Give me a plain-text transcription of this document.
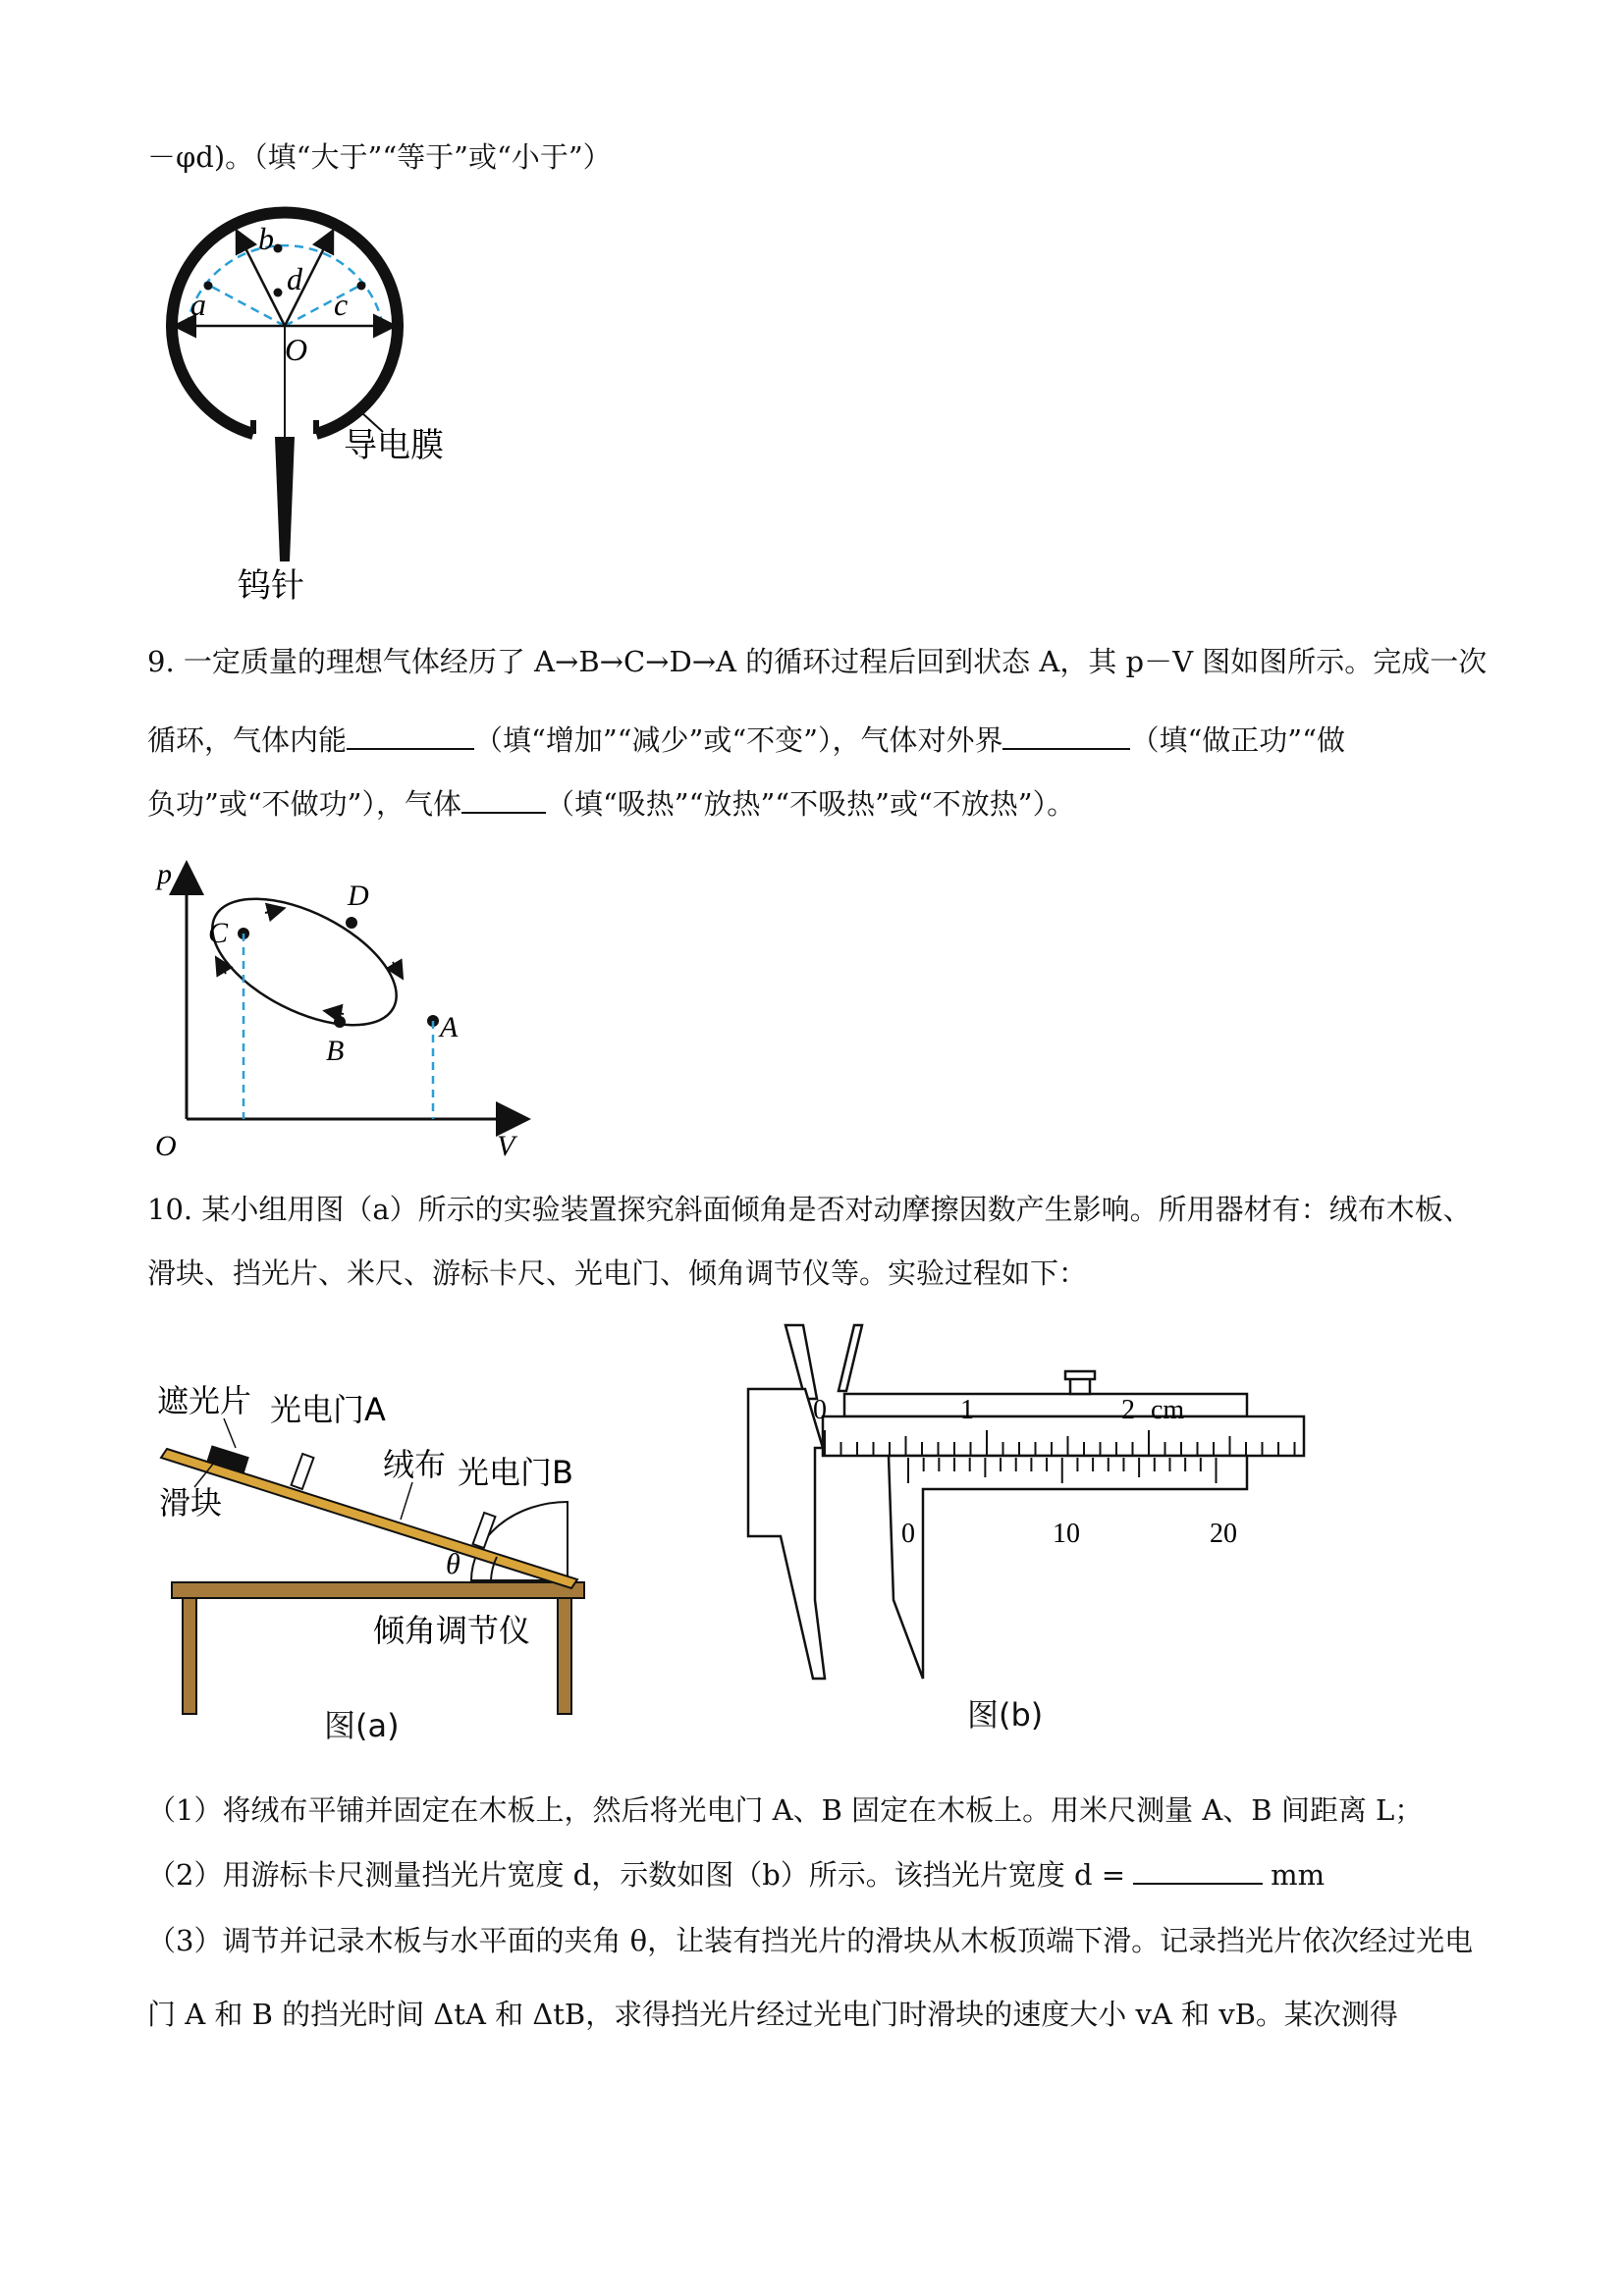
－φd)。（填“大于”“等于”或“小于”）
a
b
c
d
O
导电膜
钨针
9. 一定质量的理想气体经历了 A→B→C→D→A 的循环过程后回到状态 A，其 p－V 图如图所示。完成一次
循环，气体内能	（填“增加”“减少”或“不变”），气体对外界	（填“做正功”“做
负功”或“不做功”），气体	（填“吸热”“放热”“不吸热”或“不放热”）。
p
V
O
C
D
A
B
10. 某小组用图（a）所示的实验装置探究斜面倾角是否对动摩擦因数产生影响。所用器材有：绒布木板、
滑块、挡光片、米尺、游标卡尺、光电门、倾角调节仪等。实验过程如下：
遮光片 光电门A
绒布 光电门B
滑块
θ
倾角调节仪
图(a)
0	1	2 cm
0	10	20
图(b)
（1）将绒布平铺并固定在木板上，然后将光电门 A、B 固定在木板上。用米尺测量 A、B 间距离 L；
（2）用游标卡尺测量挡光片宽度 d，示数如图（b）所示。该挡光片宽度 d =	mm
（3）调节并记录木板与水平面的夹角 θ，让装有挡光片的滑块从木板顶端下滑。记录挡光片依次经过光电
门 A 和 B 的挡光时间 ΔtA 和 ΔtB，求得挡光片经过光电门时滑块的速度大小 vA 和 vB。某次测得
